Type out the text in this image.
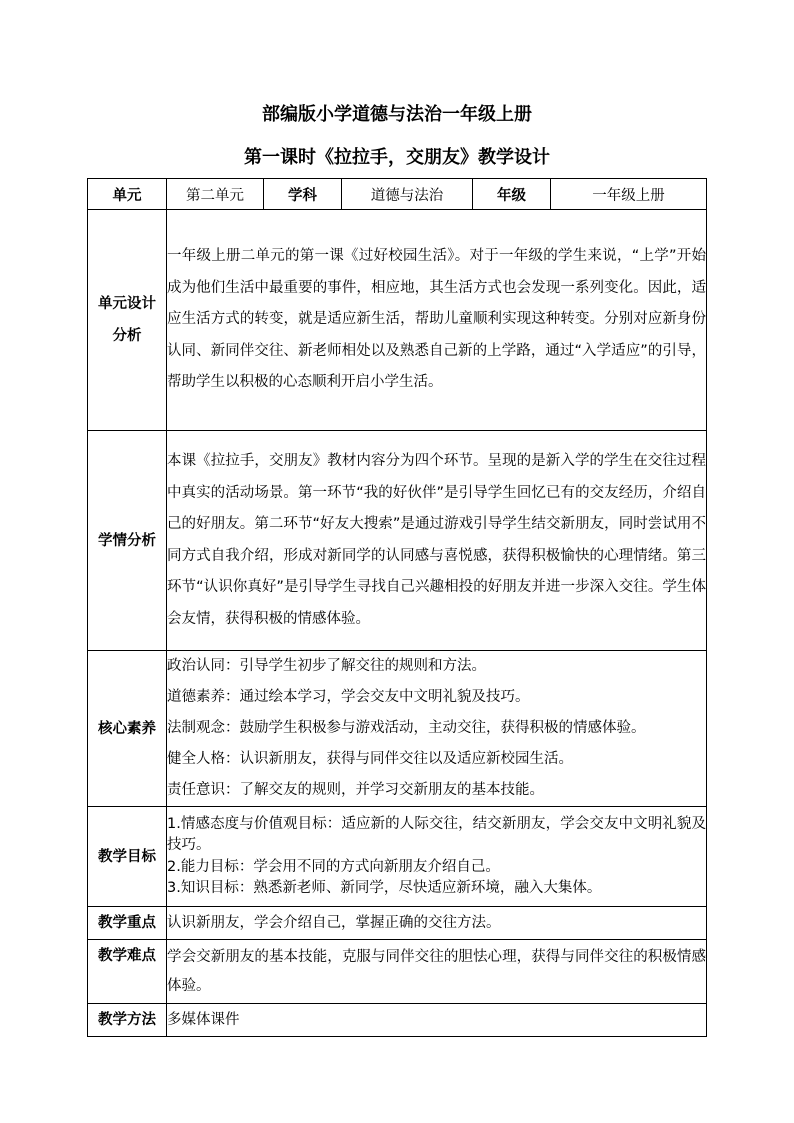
部编版小学道德与法治一年级上册
第一课时《拉拉手，交朋友》教学设计
单元	第二单元	学科	道德与法治	年级	一年级上册

单元设计
分析	一年级上册二单元的第一课《过好校园生活》。对于一年级的学生来说，“上学”开始成为他们生活中最重要的事件，相应地，其生活方式也会发现一系列变化。因此，适应生活方式的转变，就是适应新生活，帮助儿童顺利实现这种转变。分别对应新身份认同、新同伴交往、新老师相处以及熟悉自己新的上学路，通过“入学适应”的引导，帮助学生以积极的心态顺利开启小学生活。				
学情分析	本课《拉拉手，交朋友》教材内容分为四个环节。呈现的是新入学的学生在交往过程中真实的活动场景。第一环节“我的好伙伴”是引导学生回忆已有的交友经历，介绍自己的好朋友。第二环节“好友大搜索”是通过游戏引导学生结交新朋友，同时尝试用不同方式自我介绍，形成对新同学的认同感与喜悦感，获得积极愉快的心理情绪。第三环节“认识你真好”是引导学生寻找自己兴趣相投的好朋友并进一步深入交往。学生体会友情，获得积极的情感体验。				
核心素养	政治认同：引导学生初步了解交往的规则和方法。

道德素养：通过绘本学习，学会交友中文明礼貌及技巧。

法制观念：鼓励学生积极参与游戏活动，主动交往，获得积极的情感体验。

健全人格：认识新朋友，获得与同伴交往以及适应新校园生活。

责任意识：了解交友的规则，并学习交新朋友的基本技能。				

教学目标	1.情感态度与价值观目标：适应新的人际交往，结交新朋友，学会交友中文明礼貌及技巧。

2.能力目标：学会用不同的方式向新朋友介绍自己。

3.知识目标：熟悉新老师、新同学，尽快适应新环境，融入大集体。				

教学重点	认识新朋友，学会介绍自己，掌握正确的交往方法。				
教学难点	学会交新朋友的基本技能，克服与同伴交往的胆怯心理，获得与同伴交往的积极情感体验。				
教学方法	多媒体课件				
